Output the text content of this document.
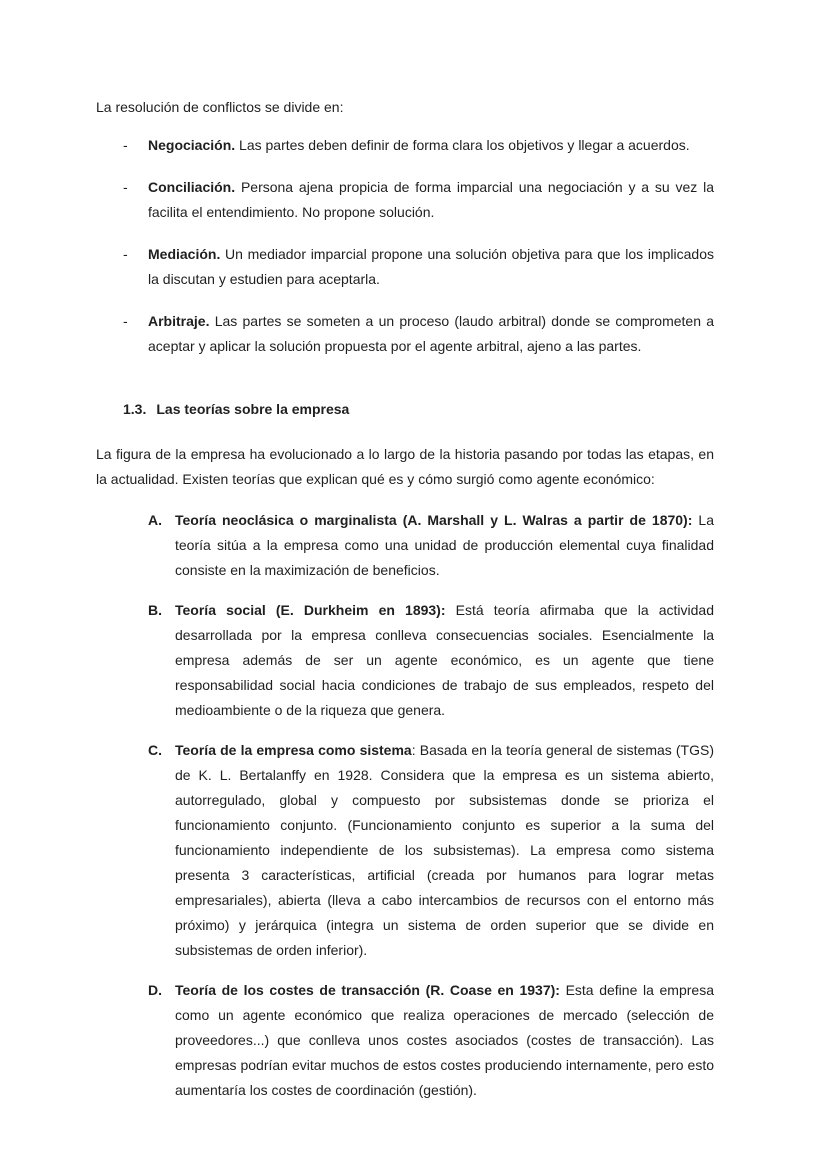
La resolución de conflictos se divide en:

-	Negociación. Las partes deben definir de forma clara los objetivos y llegar a acuerdos.
-	Conciliación. Persona ajena propicia de forma imparcial una negociación y a su vez la facilita el entendimiento. No propone solución.
-	Mediación. Un mediador imparcial propone una solución objetiva para que los implicados la discutan y estudien para aceptarla.
-	Arbitraje. Las partes se someten a un proceso (laudo arbitral) donde se comprometen a aceptar y aplicar la solución propuesta por el agente arbitral, ajeno a las partes.
1.3. Las teorías sobre la empresa

La figura de la empresa ha evolucionado a lo largo de la historia pasando por todas las etapas, en la actualidad. Existen teorías que explican qué es y cómo surgió como agente económico:

A. Teoría neoclásica o marginalista (A. Marshall y L. Walras a partir de 1870): La teoría sitúa a la empresa como una unidad de producción elemental cuya finalidad consiste en la maximización de beneficios.
B. Teoría social (E. Durkheim en 1893): Está teoría afirmaba que la actividad desarrollada por la empresa conlleva consecuencias sociales. Esencialmente la empresa además de ser un agente económico, es un agente que tiene responsabilidad social hacia condiciones de trabajo de sus empleados, respeto del medioambiente o de la riqueza que genera.
C. Teoría de la empresa como sistema: Basada en la teoría general de sistemas (TGS) de K. L. Bertalanffy en 1928. Considera que la empresa es un sistema abierto, autorregulado, global y compuesto por subsistemas donde se prioriza el funcionamiento conjunto. (Funcionamiento conjunto es superior a la suma del funcionamiento independiente de los subsistemas). La empresa como sistema presenta 3 características, artificial (creada por humanos para lograr metas empresariales), abierta (lleva a cabo intercambios de recursos con el entorno más próximo) y jerárquica (integra un sistema de orden superior que se divide en subsistemas de orden inferior).
D. Teoría de los costes de transacción (R. Coase en 1937): Esta define la empresa como un agente económico que realiza operaciones de mercado (selección de proveedores...) que conlleva unos costes asociados (costes de transacción). Las empresas podrían evitar muchos de estos costes produciendo internamente, pero esto aumentaría los costes de coordinación (gestión).
